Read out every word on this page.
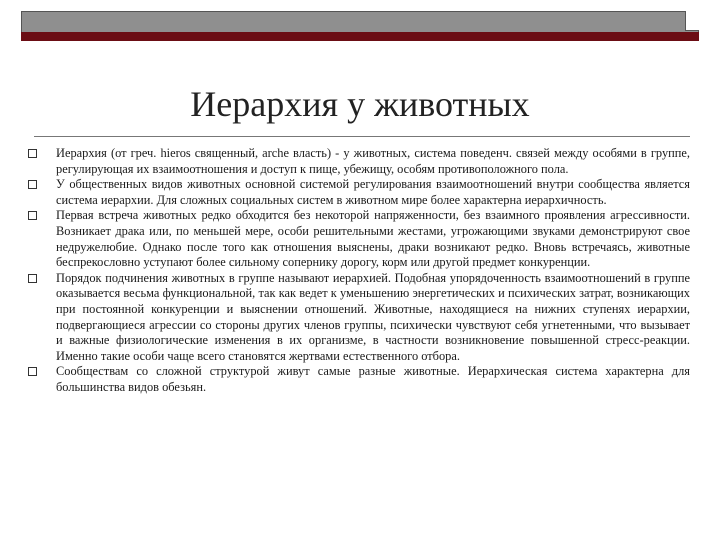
Иерархия у животных
Иерархия (от греч. hieros священный, arche власть) - у животных, система поведенч. связей между особями в группе, регулирующая их взаимоотношения и доступ к пище, убежищу, особям противоположного пола.
У общественных видов животных основной системой регулирования взаимоотношений внутри сообщества является система иерархии. Для сложных социальных систем в животном мире более характерна иерархичность.
Первая встреча животных редко обходится без некоторой напряженности, без взаимного проявления агрессивности. Возникает драка или, по меньшей мере, особи решительными жестами, угрожающими звуками демонстрируют свое недружелюбие. Однако после того как отношения выяснены, драки возникают редко. Вновь встречаясь, животные беспрекословно уступают более сильному сопернику дорогу, корм или другой предмет конкуренции.
Порядок подчинения животных в группе называют иерархией. Подобная упорядоченность взаимоотношений в группе оказывается весьма функциональной, так как ведет к уменьшению энергетических и психических затрат, возникающих при постоянной конкуренции и выяснении отношений. Животные, находящиеся на нижних ступенях иерархии, подвергающиеся агрессии со стороны других членов группы, психически чувствуют себя угнетенными, что вызывает и важные физиологические изменения в их организме, в частности возникновение повышенной стресс-реакции. Именно такие особи чаще всего становятся жертвами естественного отбора.
Сообществам со сложной структурой живут самые разные животные. Иерархическая система характерна для большинства видов обезьян.
